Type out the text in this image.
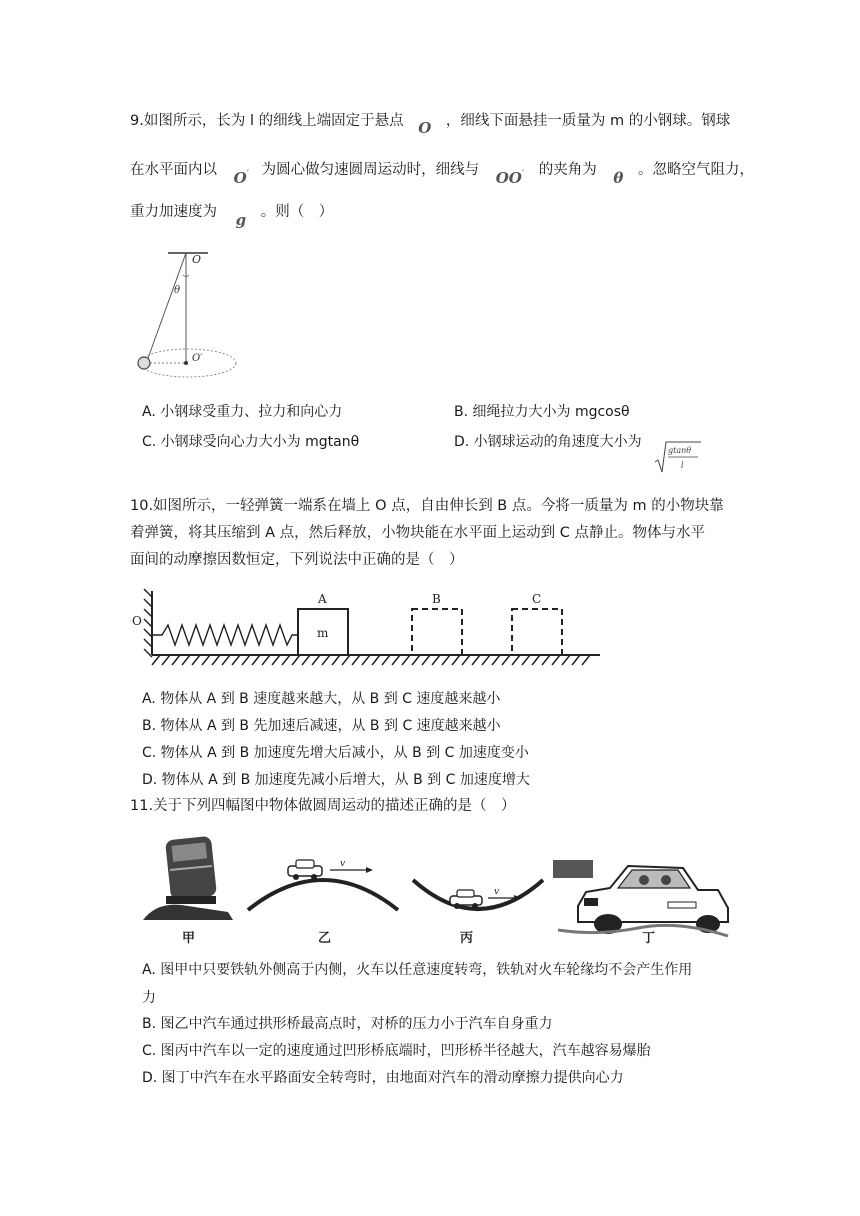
9.如图所示，长为 l 的细线上端固定于悬点 O ，细线下面悬挂一质量为 m 的小钢球。钢球
在水平面内以 O′ 为圆心做匀速圆周运动时，细线与 OO′ 的夹角为 θ 。忽略空气阻力，
重力加速度为 g 。则（　）
O
θ
O′
A. 小钢球受重力、拉力和向心力	B. 细绳拉力大小为 mgcosθ
C. 小钢球受向心力大小为 mgtanθ	D. 小钢球运动的角速度大小为
gtanθ
l
10.如图所示，一轻弹簧一端系在墙上 O 点，自由伸长到 B 点。今将一质量为 m 的小物块靠
着弹簧，将其压缩到 A 点，然后释放，小物块能在水平面上运动到 C 点静止。物体与水平
面间的动摩擦因数恒定，下列说法中正确的是（　）
O
m
A	B	C
A. 物体从 A 到 B 速度越来越大，从 B 到 C 速度越来越小
B. 物体从 A 到 B 先加速后减速，从 B 到 C 速度越来越小
C. 物体从 A 到 B 加速度先增大后减小，从 B 到 C 加速度变小
D. 物体从 A 到 B 加速度先减小后增大，从 B 到 C 加速度增大
11.关于下列四幅图中物体做圆周运动的描述正确的是（　）
甲
v
乙
v
丙	丁
A. 图甲中只要铁轨外侧高于内侧，火车以任意速度转弯，铁轨对火车轮缘均不会产生作用
力
B. 图乙中汽车通过拱形桥最高点时，对桥的压力小于汽车自身重力
C. 图丙中汽车以一定的速度通过凹形桥底端时，凹形桥半径越大，汽车越容易爆胎
D. 图丁中汽车在水平路面安全转弯时，由地面对汽车的滑动摩擦力提供向心力
